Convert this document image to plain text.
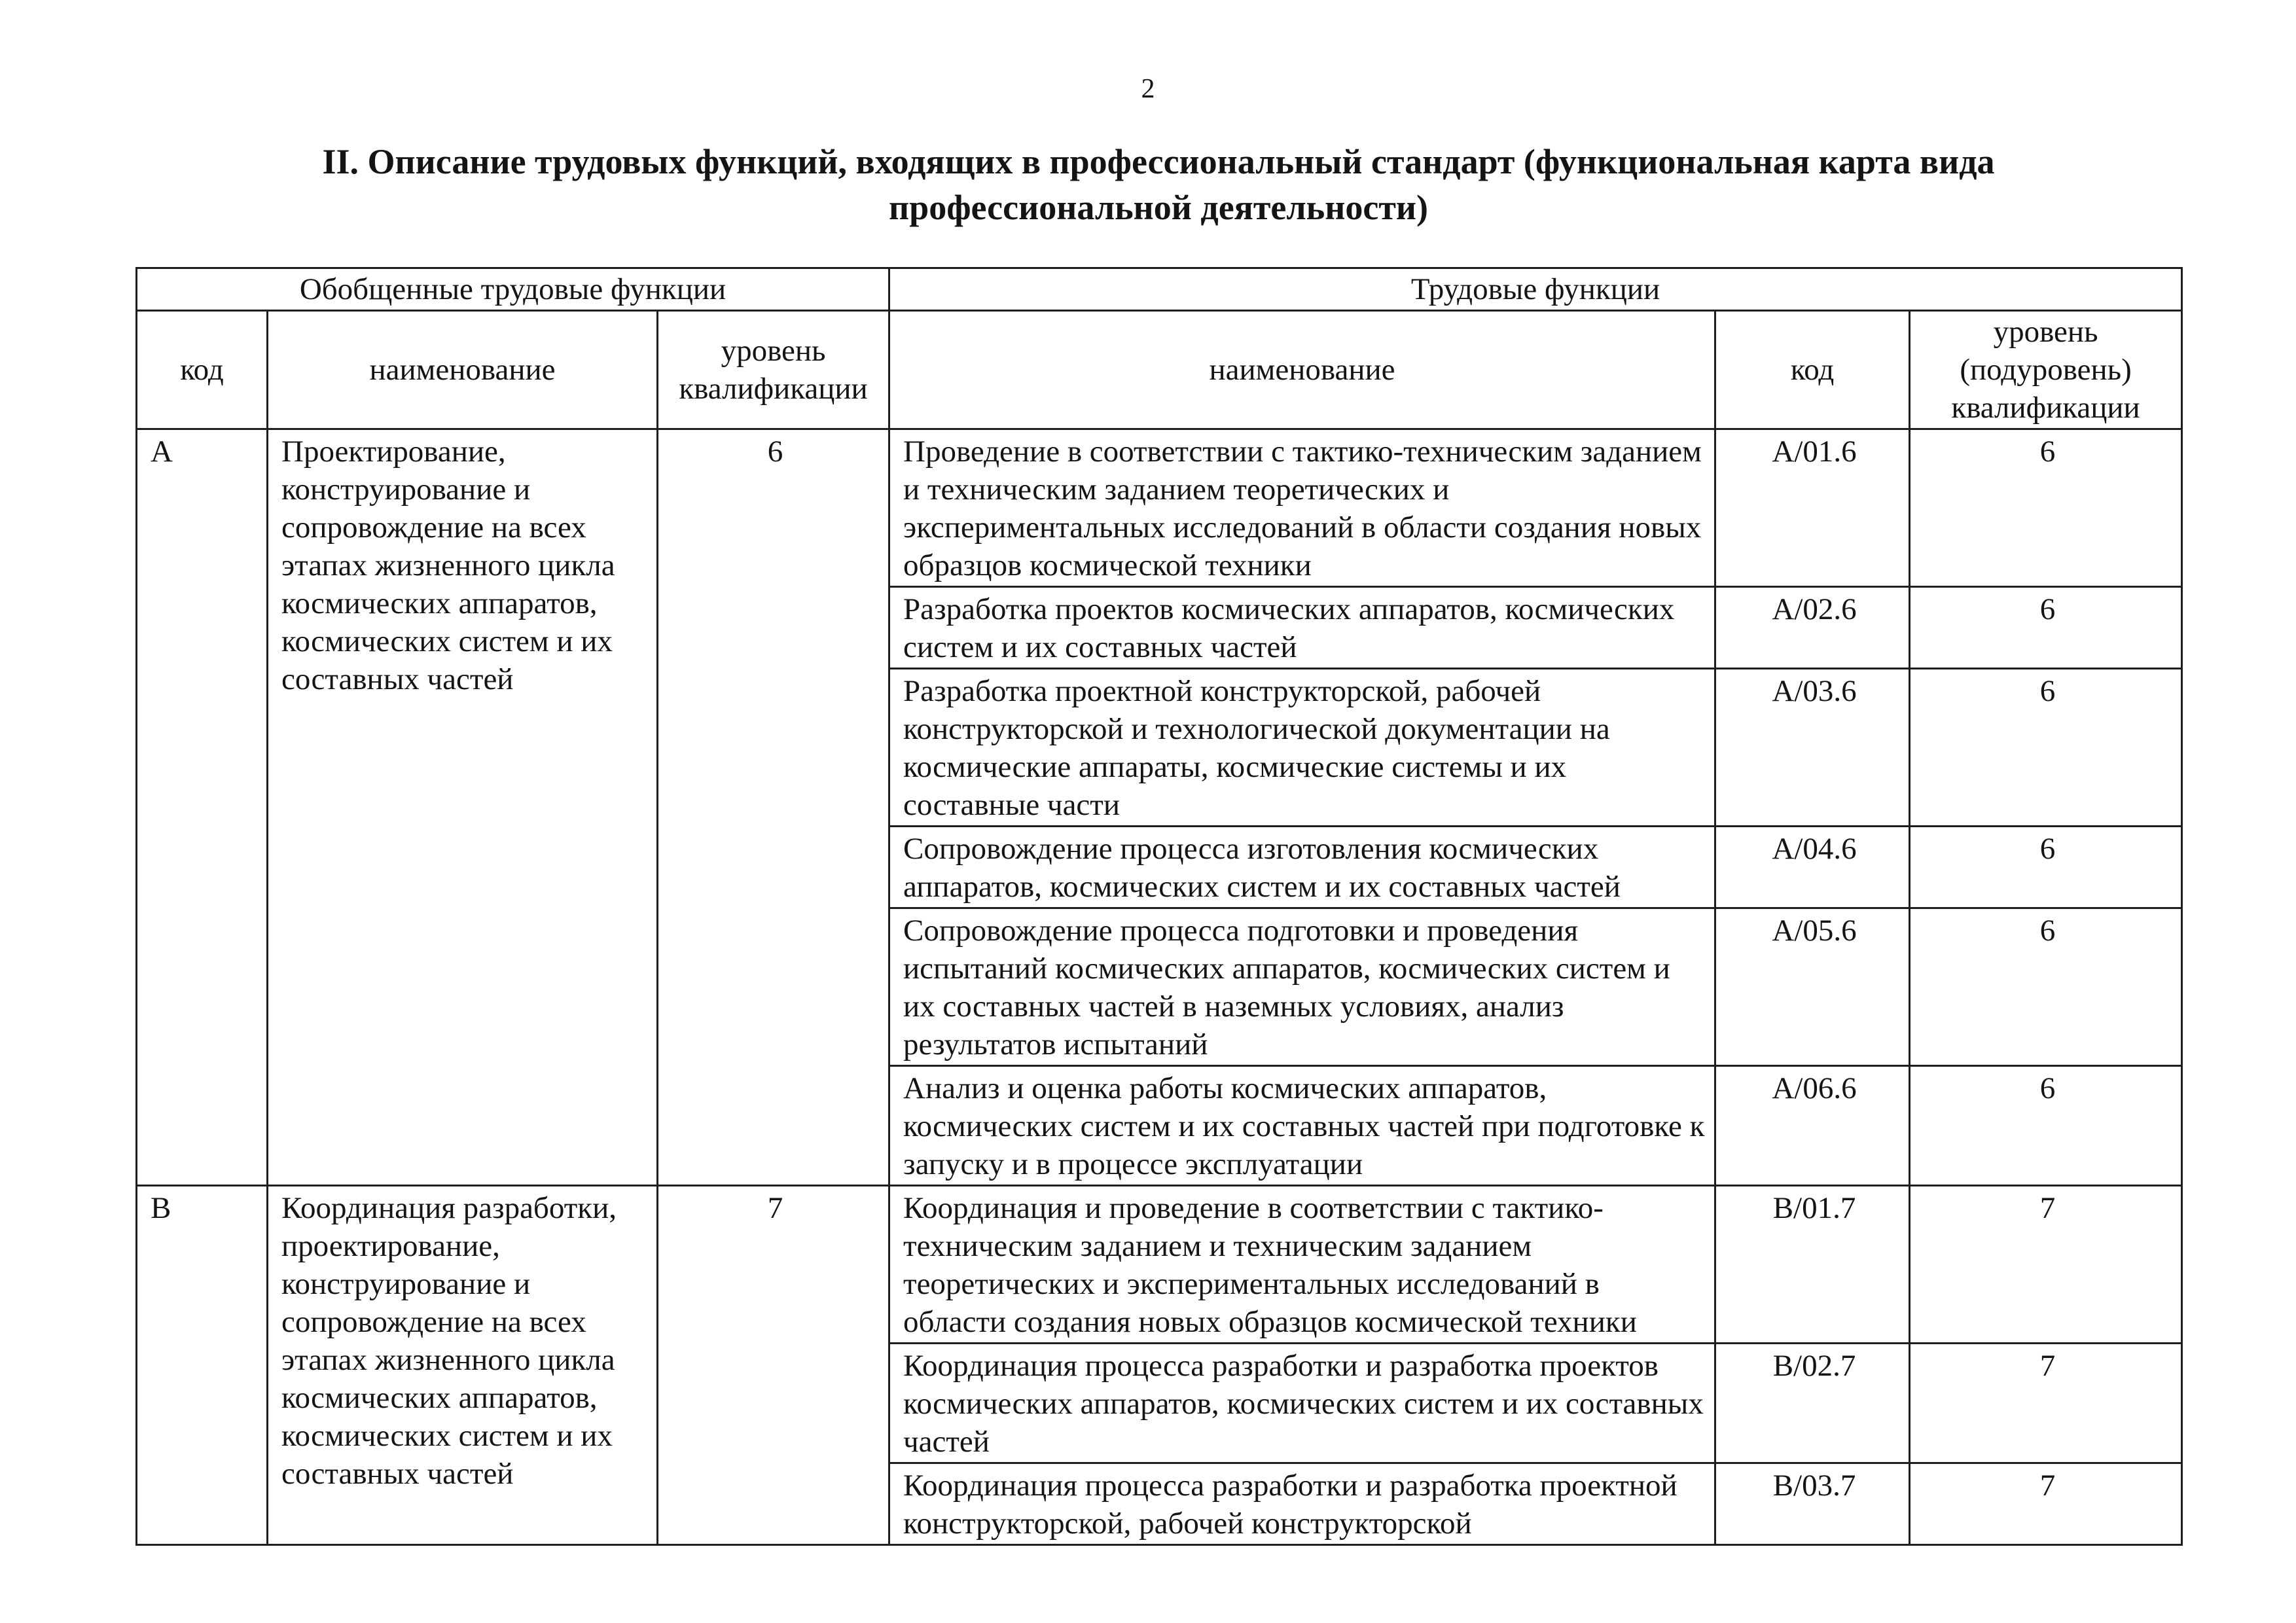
2
II. Описание трудовых функций, входящих в профессиональный стандарт (функциональная карта вида профессиональной деятельности)
Обобщенные трудовые функции			Трудовые функции		
код	наименование	уровень квалификации	наименование	код	уровень (подуровень) квалификации
A	Проектирование, конструирование и сопровождение на всех этапах жизненного цикла космических аппаратов, космических систем и их составных частей	6	Проведение в соответствии с тактико-техническим заданием и техническим заданием теоретических и экспериментальных исследований в области создания новых образцов космической техники	A/01.6	6
			Разработка проектов космических аппаратов, космических систем и их составных частей	A/02.6	6
			Разработка проектной конструкторской, рабочей конструкторской и технологической документации на космические аппараты, космические системы и их составные части	A/03.6	6
			Сопровождение процесса изготовления космических аппаратов, космических систем и их составных частей	A/04.6	6
			Сопровождение процесса подготовки и проведения испытаний космических аппаратов, космических систем и их составных частей в наземных условиях, анализ результатов испытаний	A/05.6	6
			Анализ и оценка работы космических аппаратов, космических систем и их составных частей при подготовке к запуску и в процессе эксплуатации	A/06.6	6
B	Координация разработки, проектирование, конструирование и сопровождение на всех этапах жизненного цикла космических аппаратов, космических систем и их составных частей	7	Координация и проведение в соответствии с тактико-техническим заданием и техническим заданием теоретических и экспериментальных исследований в области создания новых образцов космической техники	B/01.7	7
			Координация процесса разработки и разработка проектов космических аппаратов, космических систем и их составных частей	B/02.7	7
			Координация процесса разработки и разработка проектной конструкторской, рабочей конструкторской	B/03.7	7
